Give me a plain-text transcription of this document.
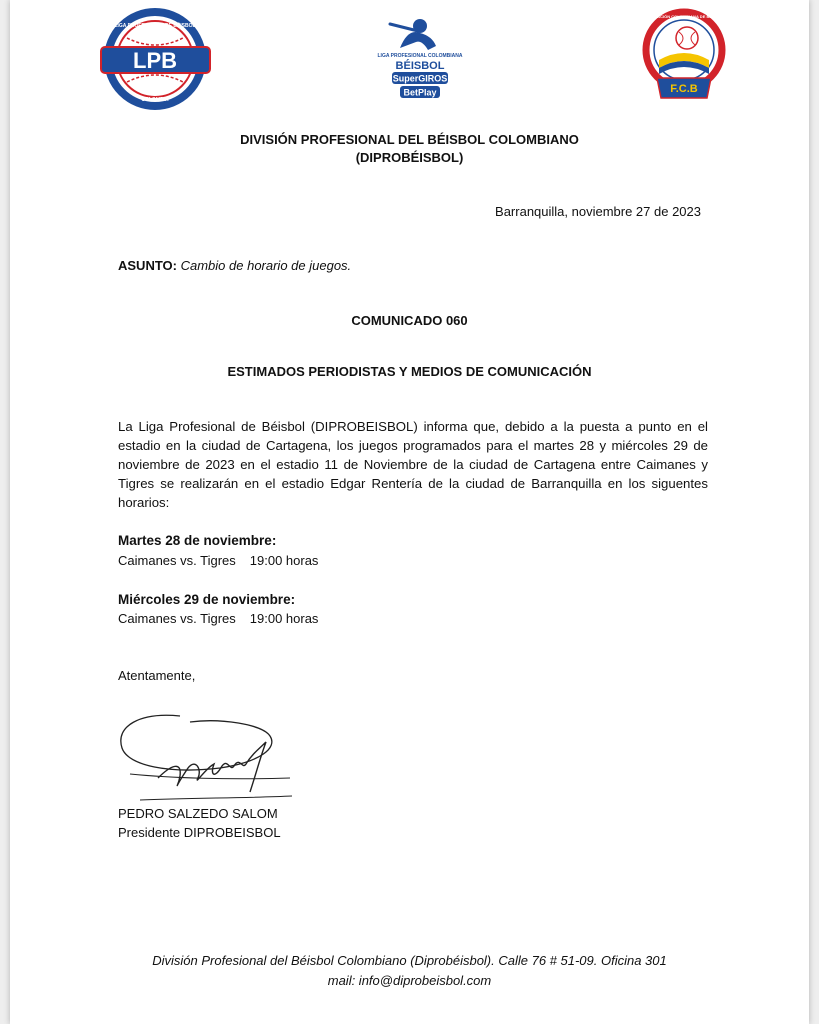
LPB
LIGA PROFESIONAL DE BÉISBOL
COLOMBIA
LIGA PROFESIONAL COLOMBIANA
BÉISBOL
SuperGIROS
BetPlay	F.C.B
FEDERACIÓN COLOMBIANA DE BÉISBOL
DIVISIÓN PROFESIONAL DEL BÉISBOL COLOMBIANO
(DIPROBÉISBOL)
Barranquilla, noviembre 27 de 2023
ASUNTO: Cambio de horario de juegos.
COMUNICADO 060
ESTIMADOS PERIODISTAS Y MEDIOS DE COMUNICACIÓN
La Liga Profesional de Béisbol (DIPROBEISBOL) informa que, debido a la puesta a punto en el estadio en la ciudad de Cartagena, los juegos programados para el martes 28 y miércoles 29 de noviembre de 2023 en el estadio 11 de Noviembre de la ciudad de Cartagena entre Caimanes y Tigres se realizarán en el estadio Edgar Rentería de la ciudad de Barranquilla en los siguentes horarios:
Martes 28 de noviembre:
Caimanes vs. Tigres 19:00 horas
Miércoles 29 de noviembre:
Caimanes vs. Tigres 19:00 horas
Atentamente,
PEDRO SALZEDO SALOM
Presidente DIPROBEISBOL
División Profesional del Béisbol Colombiano (Diprobéisbol). Calle 76 # 51-09. Oficina 301
mail: info@diprobeisbol.com
